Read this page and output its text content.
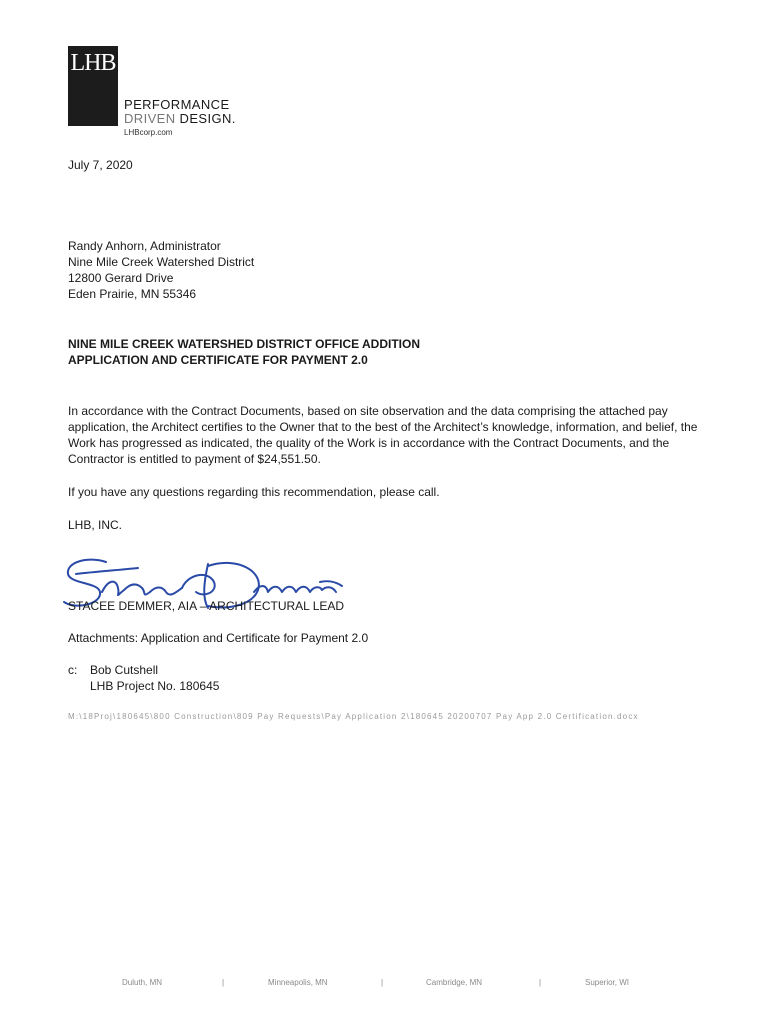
LHB
PERFORMANCE
DRIVEN DESIGN.
LHBcorp.com
July 7, 2020
Randy Anhorn, Administrator
Nine Mile Creek Watershed District
12800 Gerard Drive
Eden Prairie, MN 55346
NINE MILE CREEK WATERSHED DISTRICT OFFICE ADDITION
APPLICATION AND CERTIFICATE FOR PAYMENT 2.0
In accordance with the Contract Documents, based on site observation and the data comprising the attached pay application, the Architect certifies to the Owner that to the best of the Architect’s knowledge, information, and belief, the Work has progressed as indicated, the quality of the Work is in accordance with the Contract Documents, and the Contractor is entitled to payment of $24,551.50.
If you have any questions regarding this recommendation, please call.
LHB, INC.
STACEE DEMMER, AIA – ARCHITECTURAL LEAD
Attachments: Application and Certificate for Payment 2.0
c: Bob Cutshell
LHB Project No. 180645
M:\18Proj\180645\800 Construction\809 Pay Requests\Pay Application 2\180645 20200707 Pay App 2.0 Certification.docx
Duluth, MN	|	Minneapolis, MN	|	Cambridge, MN	|	Superior, WI
